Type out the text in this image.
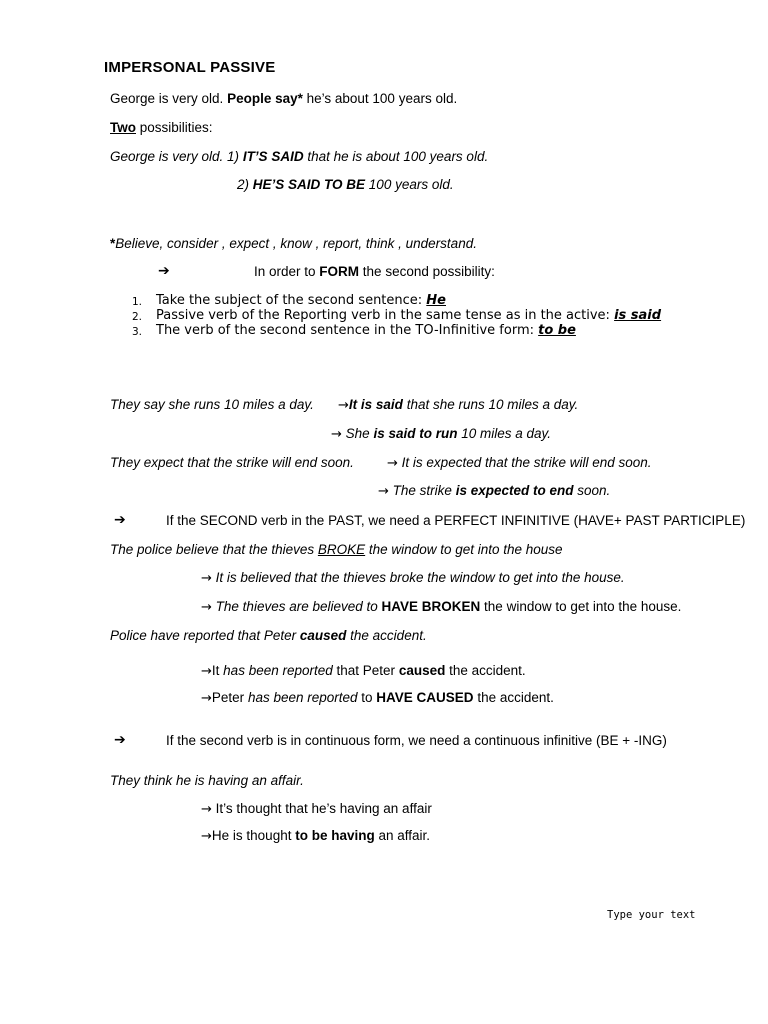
IMPERSONAL PASSIVE
George is very old. People say* he’s about 100 years old.
Two possibilities:
George is very old. 1) IT’S SAID that he is about 100 years old.
2) HE’S SAID TO BE 100 years old.
*Believe, consider , expect , know , report, think , understand.
➔	In order to FORM the second possibility:
1. Take the subject of the second sentence: He
2. Passive verb of the Reporting verb in the same tense as in the active: is said
3. The verb of the second sentence in the TO-Infinitive form: to be
They say she runs 10 miles a day. →It is said that she runs 10 miles a day.
→ She is said to run 10 miles a day.
They expect that the strike will end soon.	→ It is expected that the strike will end soon.
→ The strike is expected to end soon.
➔	If the SECOND verb in the PAST, we need a PERFECT INFINITIVE (HAVE+ PAST PARTICIPLE)
The police believe that the thieves BROKE the window to get into the house
→ It is believed that the thieves broke the window to get into the house.
→ The thieves are believed to HAVE BROKEN the window to get into the house.
Police have reported that Peter caused the accident.
→It has been reported that Peter caused the accident.
→Peter has been reported to HAVE CAUSED the accident.
➔	If the second verb is in continuous form, we need a continuous infinitive (BE + -ING)
They think he is having an affair.
→ It’s thought that he’s having an affair
→He is thought to be having an affair.
Type your text
